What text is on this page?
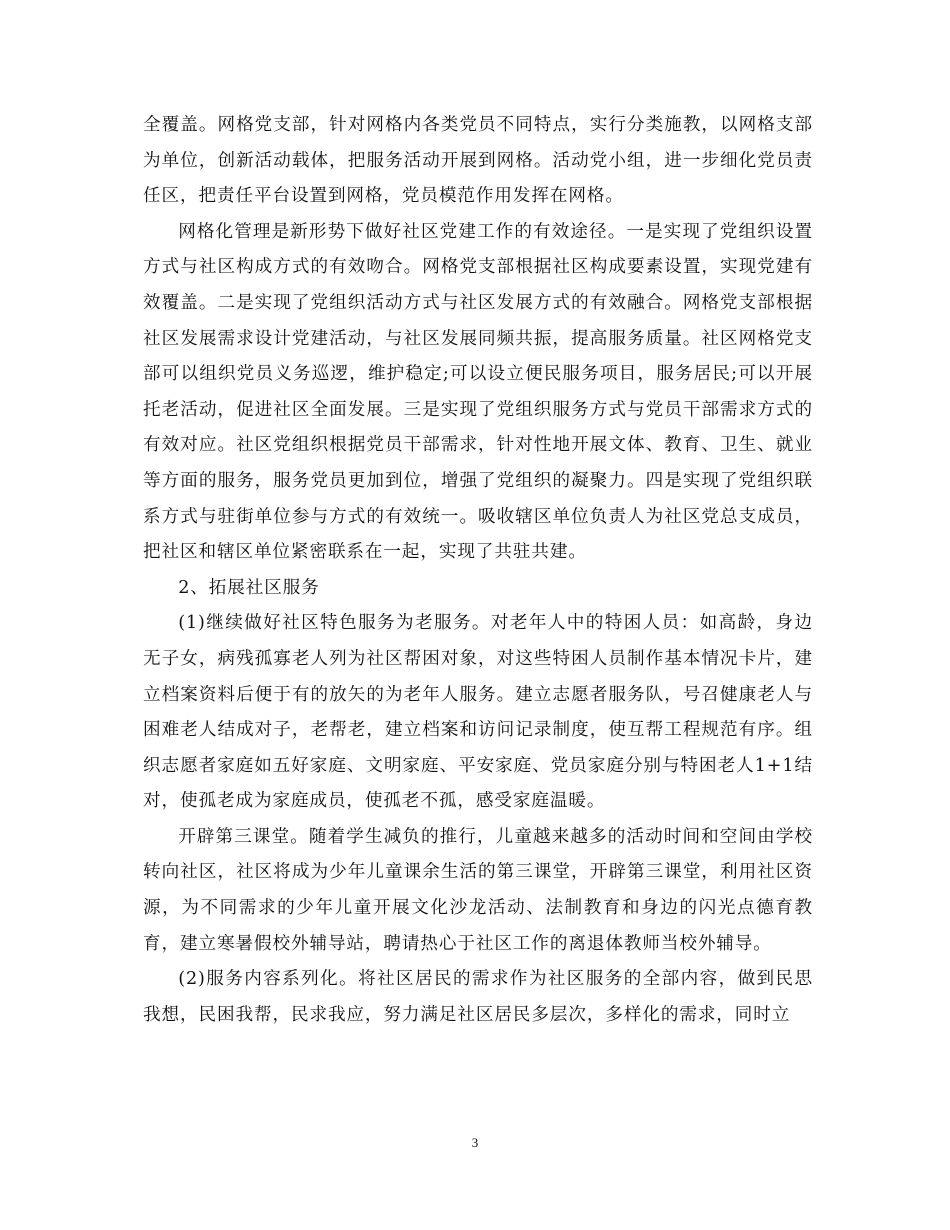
全覆盖。网格党支部，针对网格内各类党员不同特点，实行分类施教，以网格支部为单位，创新活动载体，把服务活动开展到网格。活动党小组，进一步细化党员责任区，把责任平台设置到网格，党员模范作用发挥在网格。

网格化管理是新形势下做好社区党建工作的有效途径。一是实现了党组织设置方式与社区构成方式的有效吻合。网格党支部根据社区构成要素设置，实现党建有效覆盖。二是实现了党组织活动方式与社区发展方式的有效融合。网格党支部根据社区发展需求设计党建活动，与社区发展同频共振，提高服务质量。社区网格党支部可以组织党员义务巡逻，维护稳定;可以设立便民服务项目，服务居民;可以开展托老活动，促进社区全面发展。三是实现了党组织服务方式与党员干部需求方式的有效对应。社区党组织根据党员干部需求，针对性地开展文体、教育、卫生、就业等方面的服务，服务党员更加到位，增强了党组织的凝聚力。四是实现了党组织联系方式与驻街单位参与方式的有效统一。吸收辖区单位负责人为社区党总支成员，把社区和辖区单位紧密联系在一起，实现了共驻共建。

2、拓展社区服务

(1)继续做好社区特色服务为老服务。对老年人中的特困人员：如高龄，身边无子女，病残孤寡老人列为社区帮困对象，对这些特困人员制作基本情况卡片，建立档案资料后便于有的放矢的为老年人服务。建立志愿者服务队，号召健康老人与困难老人结成对子，老帮老，建立档案和访问记录制度，使互帮工程规范有序。组织志愿者家庭如五好家庭、文明家庭、平安家庭、党员家庭分别与特困老人1+1结对，使孤老成为家庭成员，使孤老不孤，感受家庭温暖。

开辟第三课堂。随着学生减负的推行，儿童越来越多的活动时间和空间由学校转向社区，社区将成为少年儿童课余生活的第三课堂，开辟第三课堂，利用社区资源，为不同需求的少年儿童开展文化沙龙活动、法制教育和身边的闪光点德育教育，建立寒暑假校外辅导站，聘请热心于社区工作的离退体教师当校外辅导。

(2)服务内容系列化。将社区居民的需求作为社区服务的全部内容，做到民思我想，民困我帮，民求我应，努力满足社区居民多层次，多样化的需求，同时立

3
